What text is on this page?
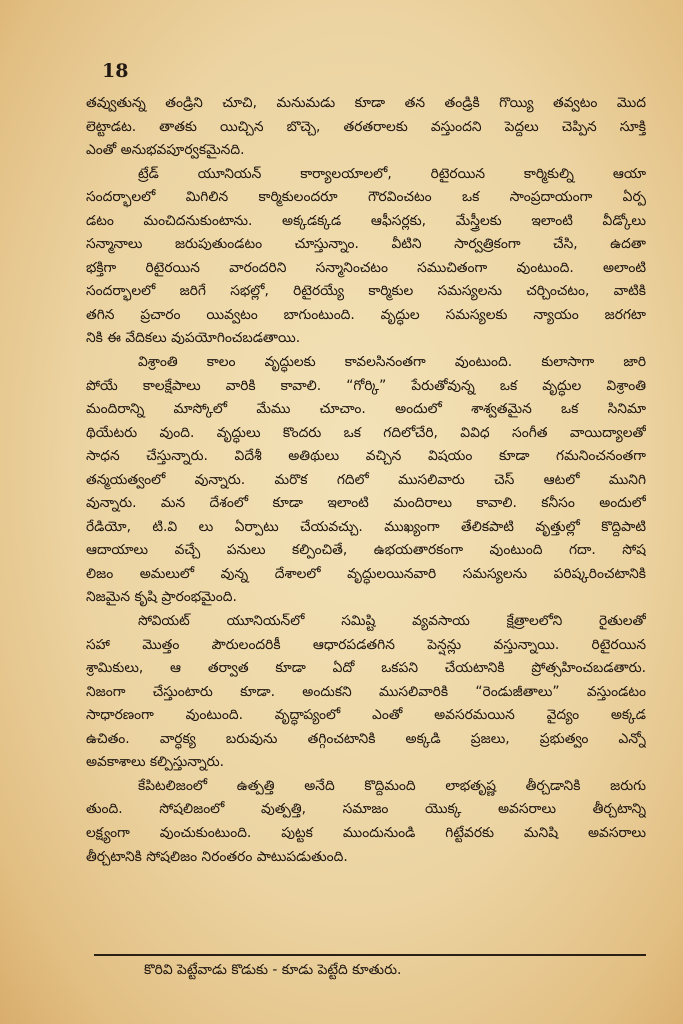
18
తవ్వుతున్న తండ్రిని చూచి, మనుమడు కూడా తన తండ్రికి గొయ్యి తవ్వటం మొద
లెట్టాడట. తాతకు యిచ్చిన బొచ్చె, తరతరాలకు వస్తుందని పెద్దలు చెప్పిన సూక్తి
ఎంతో అనుభవపూర్వకమైనది.
ట్రేడ్ యూనియన్ కార్యాలయాలలో, రిటైరయిన కార్మికుల్ని ఆయా
సందర్భాలలో మిగిలిన కార్మికులందరూ గౌరవించటం ఒక సాంప్రదాయంగా ఏర్ప
డటం మంచిదనుకుంటాను. అక్కడక్కడ ఆఫీసర్లకు, మేస్త్రీలకు ఇలాంటి వీడ్కోలు
సన్మానాలు జరుపుతుండటం చూస్తున్నాం. వీటిని సార్వత్రికంగా చేసి, ఉదతా
భక్తిగా రిటైరయిన వారందరిని సన్మానించటం సముచితంగా వుంటుంది. అలాంటి
సందర్భాలలో జరిగే సభల్లో, రిటైరయ్యే కార్మికుల సమస్యలను చర్చించటం, వాటికి
తగిన ప్రచారం యివ్వటం బాగుంటుంది. వృద్ధుల సమస్యలకు న్యాయం జరగటా
నికి ఈ వేదికలు వుపయోగించబడతాయి.
విశ్రాంతి కాలం వృద్ధులకు కావలసినంతగా వుంటుంది. కులాసాగా జారి
పోయే కాలక్షేపాలు వారికి కావాలి. “గోర్కి” పేరుతోవున్న ఒక వృద్ధుల విశ్రాంతి
మందిరాన్ని మాస్కోలో మేము చూచాం. అందులో శాశ్వతమైన ఒక సినిమా
థియేటరు వుంది. వృద్ధులు కొందరు ఒక గదిలోచేరి, వివిధ సంగీత వాయిద్యాలతో
సాధన చేస్తున్నారు. విదేశీ అతిథులు వచ్చిన విషయం కూడా గమనించనంతగా
తన్మయత్వంలో వున్నారు. మరొక గదిలో ముసలివారు చెస్ ఆటలో మునిగి
వున్నారు. మన దేశంలో కూడా ఇలాంటి మందిరాలు కావాలి. కనీసం అందులో
రేడియో, టి.వి లు ఏర్పాటు చేయవచ్చు. ముఖ్యంగా తేలికపాటి వృత్తుల్లో కొద్దిపాటి
ఆదాయాలు వచ్చే పనులు కల్పించితే, ఉభయతారకంగా వుంటుంది గదా. సోష
లిజం అమలులో వున్న దేశాలలో వృద్ధులయినవారి సమస్యలను పరిష్కరించటానికి
నిజమైన కృషి ప్రారంభమైంది.
సోవియట్ యూనియన్‌లో సమిష్టి వ్యవసాయ క్షేత్రాలలోని రైతులతో
సహా మొత్తం పౌరులందరికీ ఆధారపడతగిన పెన్షన్లు వస్తున్నాయి. రిటైరయిన
శ్రామికులు, ఆ తర్వాత కూడా ఏదో ఒకపని చేయటానికి ప్రోత్సహించబడతారు.
నిజంగా చేస్తుంటారు కూడా. అందుకని ముసలివారికి “రెండుజీతాలు” వస్తుండటం
సాధారణంగా వుంటుంది. వృద్ధాప్యంలో ఎంతో అవసరమయిన వైద్యం అక్కడ
ఉచితం. వార్ధక్య బరువును తగ్గించటానికి అక్కడి ప్రజలు, ప్రభుత్వం ఎన్నో
అవకాశాలు కల్పిస్తున్నారు.
కేపిటలిజంలో ఉత్పత్తి అనేది కొద్దిమంది లాభతృష్ణ తీర్చడానికి జరుగు
తుంది. సోషలిజంలో వుత్పత్తి, సమాజం యొక్క అవసరాలు తీర్చటాన్ని
లక్ష్యంగా వుంచుకుంటుంది. పుట్టక ముందునుండి గిట్టేవరకు మనిషి అవసరాలు
తీర్చటానికి సోషలిజం నిరంతరం పాటుపడుతుంది.
కొరివి పెట్టేవాడు కొడుకు - కూడు పెట్టేది కూతురు.
